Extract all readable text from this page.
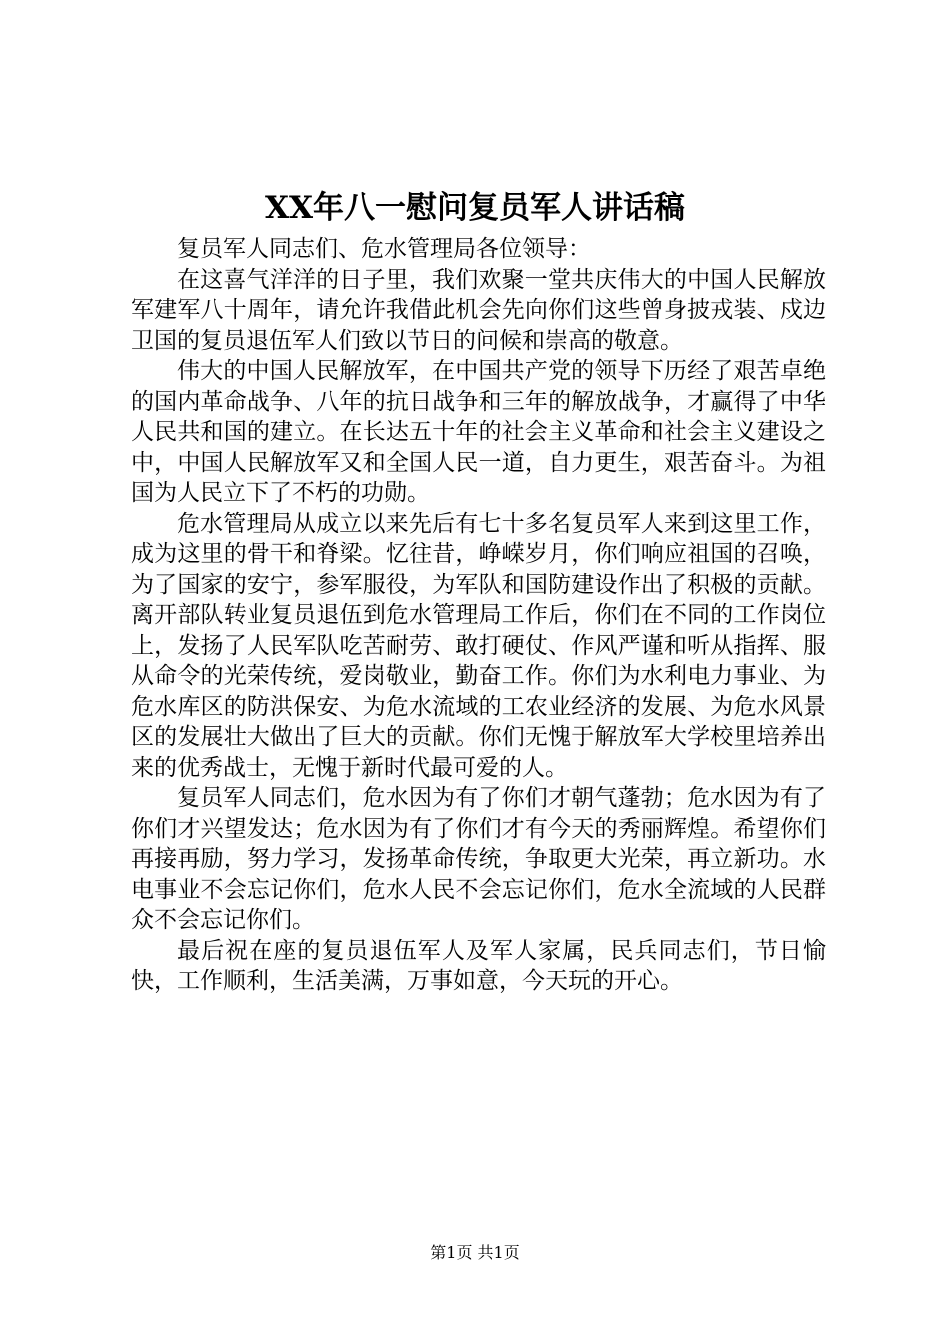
XX年八一慰问复员军人讲话稿

复员军人同志们、危水管理局各位领导：

在这喜气洋洋的日子里，我们欢聚一堂共庆伟大的中国人民解放军建军八十周年，请允许我借此机会先向你们这些曾身披戎装、戍边卫国的复员退伍军人们致以节日的问候和崇高的敬意。

伟大的中国人民解放军，在中国共产党的领导下历经了艰苦卓绝的国内革命战争、八年的抗日战争和三年的解放战争，才赢得了中华人民共和国的建立。在长达五十年的社会主义革命和社会主义建设之中，中国人民解放军又和全国人民一道，自力更生，艰苦奋斗。为祖国为人民立下了不朽的功勋。

危水管理局从成立以来先后有七十多名复员军人来到这里工作，成为这里的骨干和脊梁。忆往昔，峥嵘岁月，你们响应祖国的召唤，为了国家的安宁，参军服役，为军队和国防建设作出了积极的贡献。离开部队转业复员退伍到危水管理局工作后，你们在不同的工作岗位上，发扬了人民军队吃苦耐劳、敢打硬仗、作风严谨和听从指挥、服从命令的光荣传统，爱岗敬业，勤奋工作。你们为水利电力事业、为危水库区的防洪保安、为危水流域的工农业经济的发展、为危水风景区的发展壮大做出了巨大的贡献。你们无愧于解放军大学校里培养出来的优秀战士，无愧于新时代最可爱的人。

复员军人同志们，危水因为有了你们才朝气蓬勃；危水因为有了你们才兴望发达；危水因为有了你们才有今天的秀丽辉煌。希望你们再接再励，努力学习，发扬革命传统，争取更大光荣，再立新功。水电事业不会忘记你们，危水人民不会忘记你们，危水全流域的人民群众不会忘记你们。

最后祝在座的复员退伍军人及军人家属，民兵同志们，节日愉快，工作顺利，生活美满，万事如意，今天玩的开心。

第1页 共1页
